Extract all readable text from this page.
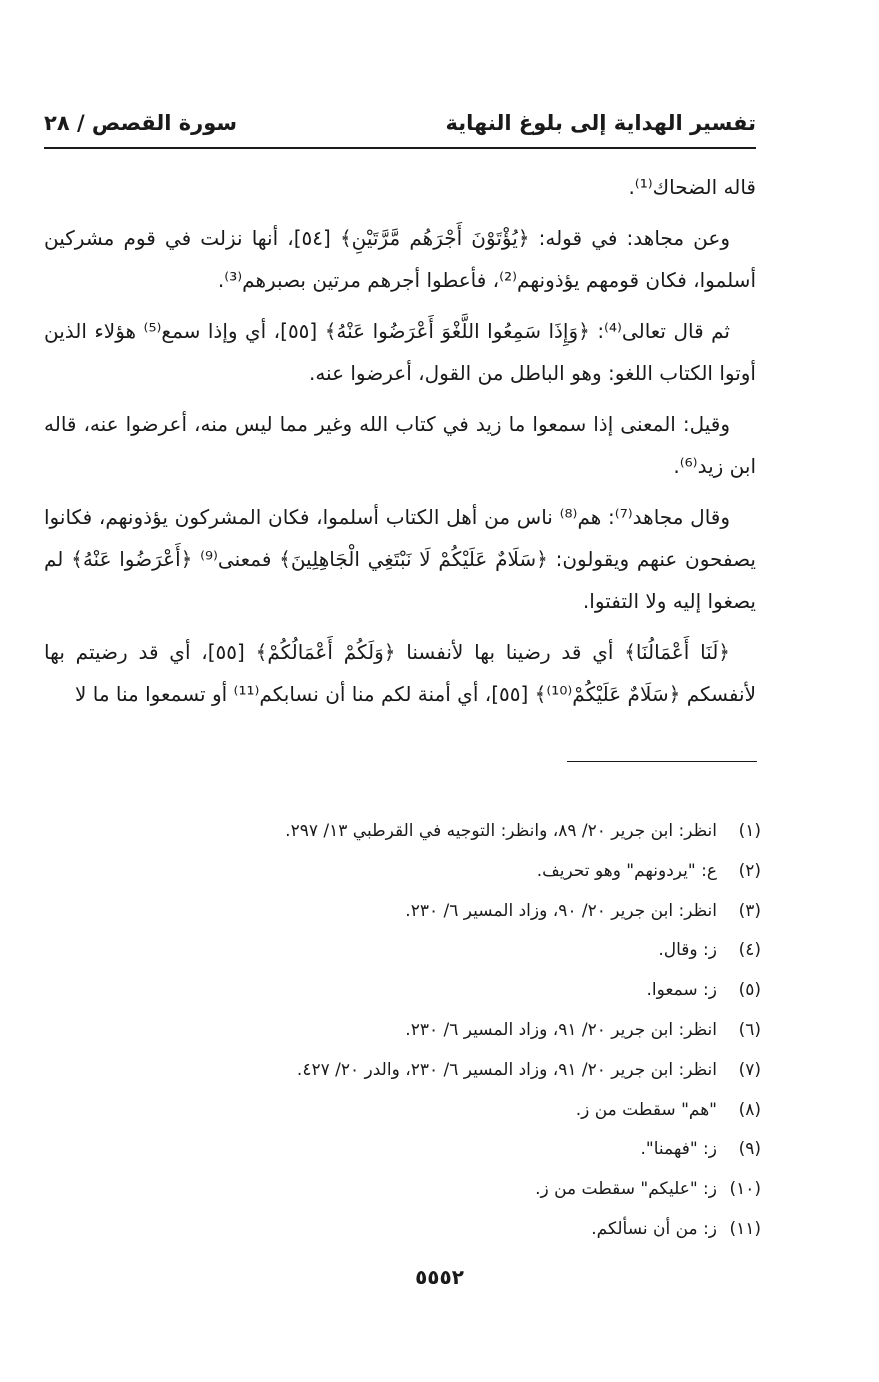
تفسير الهداية إلى بلوغ النهاية
سورة القصص / ٢٨

قاله الضحاك⁽¹⁾.

وعن مجاهد: في قوله: ﴿يُؤْتَوْنَ أَجْرَهُم مَّرَّتَيْنِ﴾ [٥٤]، أنها نزلت في قوم مشركين أسلموا، فكان قومهم يؤذونهم⁽²⁾، فأعطوا أجرهم مرتين بصبرهم⁽³⁾.

ثم قال تعالى⁽⁴⁾: ﴿وَإِذَا سَمِعُوا اللَّغْوَ أَعْرَضُوا عَنْهُ﴾ [٥٥]، أي وإذا سمع⁽⁵⁾ هؤلاء الذين أوتوا الكتاب اللغو: وهو الباطل من القول، أعرضوا عنه.

وقيل: المعنى إذا سمعوا ما زيد في كتاب الله وغير مما ليس منه، أعرضوا عنه، قاله ابن زيد⁽⁶⁾.

وقال مجاهد⁽⁷⁾: هم⁽⁸⁾ ناس من أهل الكتاب أسلموا، فكان المشركون يؤذونهم، فكانوا يصفحون عنهم ويقولون: ﴿سَلَامٌ عَلَيْكُمْ لَا نَبْتَغِي الْجَاهِلِينَ﴾ فمعنى⁽⁹⁾ ﴿أَعْرَضُوا عَنْهُ﴾ لم يصغوا إليه ولا التفتوا.

﴿لَنَا أَعْمَالُنَا﴾ أي قد رضينا بها لأنفسنا ﴿وَلَكُمْ أَعْمَالُكُمْ﴾ [٥٥]، أي قد رضيتم بها لأنفسكم ﴿سَلَامٌ عَلَيْكُمْ⁽¹⁰⁾﴾ [٥٥]، أي أمنة لكم منا أن نسابكم⁽¹¹⁾ أو تسمعوا منا ما لا

(١)
انظر: ابن جرير ٢٠/ ٨٩، وانظر: التوجيه في القرطبي ١٣/ ٢٩٧.
(٢)
ع: "يردونهم" وهو تحريف.
(٣)
انظر: ابن جرير ٢٠/ ٩٠، وزاد المسير ٦/ ٢٣٠.
(٤)
ز: وقال.
(٥)
ز: سمعوا.
(٦)
انظر: ابن جرير ٢٠/ ٩١، وزاد المسير ٦/ ٢٣٠.
(٧)
انظر: ابن جرير ٢٠/ ٩١، وزاد المسير ٦/ ٢٣٠، والدر ٢٠/ ٤٢٧.
(٨)
"هم" سقطت من ز.
(٩)
ز: "فهمنا".
(١٠)
ز: "عليكم" سقطت من ز.
(١١)
ز: من أن نسألكم.
٥٥٥٢
